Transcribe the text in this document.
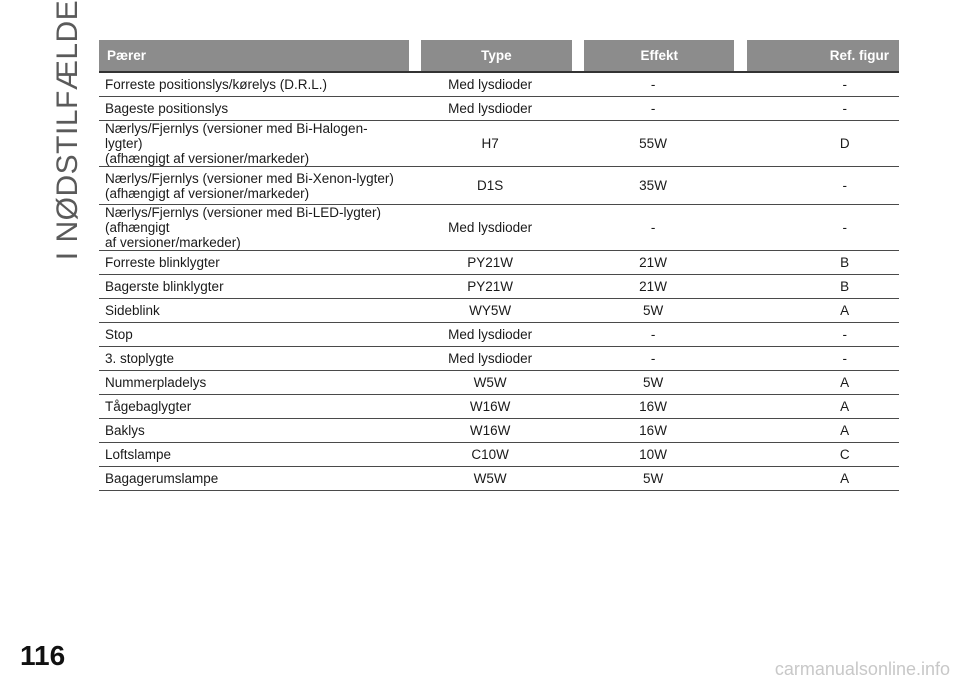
I NØDSTILFÆLDE Pærer		Type		Effekt		Ref. figur
Forreste positionslys/kørelys (D.R.L.)	Med lysdioder		-		-	
Bageste positionslys	Med lysdioder		-		-	
Nærlys/Fjernlys (versioner med Bi-Halogen-lygter)
(afhængigt af versioner/markeder)	H7		55W		D	
Nærlys/Fjernlys (versioner med Bi-Xenon-lygter)
(afhængigt af versioner/markeder)	D1S		35W		-	
Nærlys/Fjernlys (versioner med Bi-LED-lygter) (afhængigt
af versioner/markeder)	Med lysdioder		-		-	
Forreste blinklygter	PY21W		21W		B	
Bagerste blinklygter	PY21W		21W		B	
Sideblink	WY5W		5W		A	
Stop	Med lysdioder		-		-	
3. stoplygte	Med lysdioder		-		-	
Nummerpladelys	W5W		5W		A	
Tågebaglygter	W16W		16W		A	
Baklys	W16W		16W		A	
Loftslampe	C10W		10W		C	
Bagagerumslampe	W5W		5W		A	
116	carmanualsonline.info
